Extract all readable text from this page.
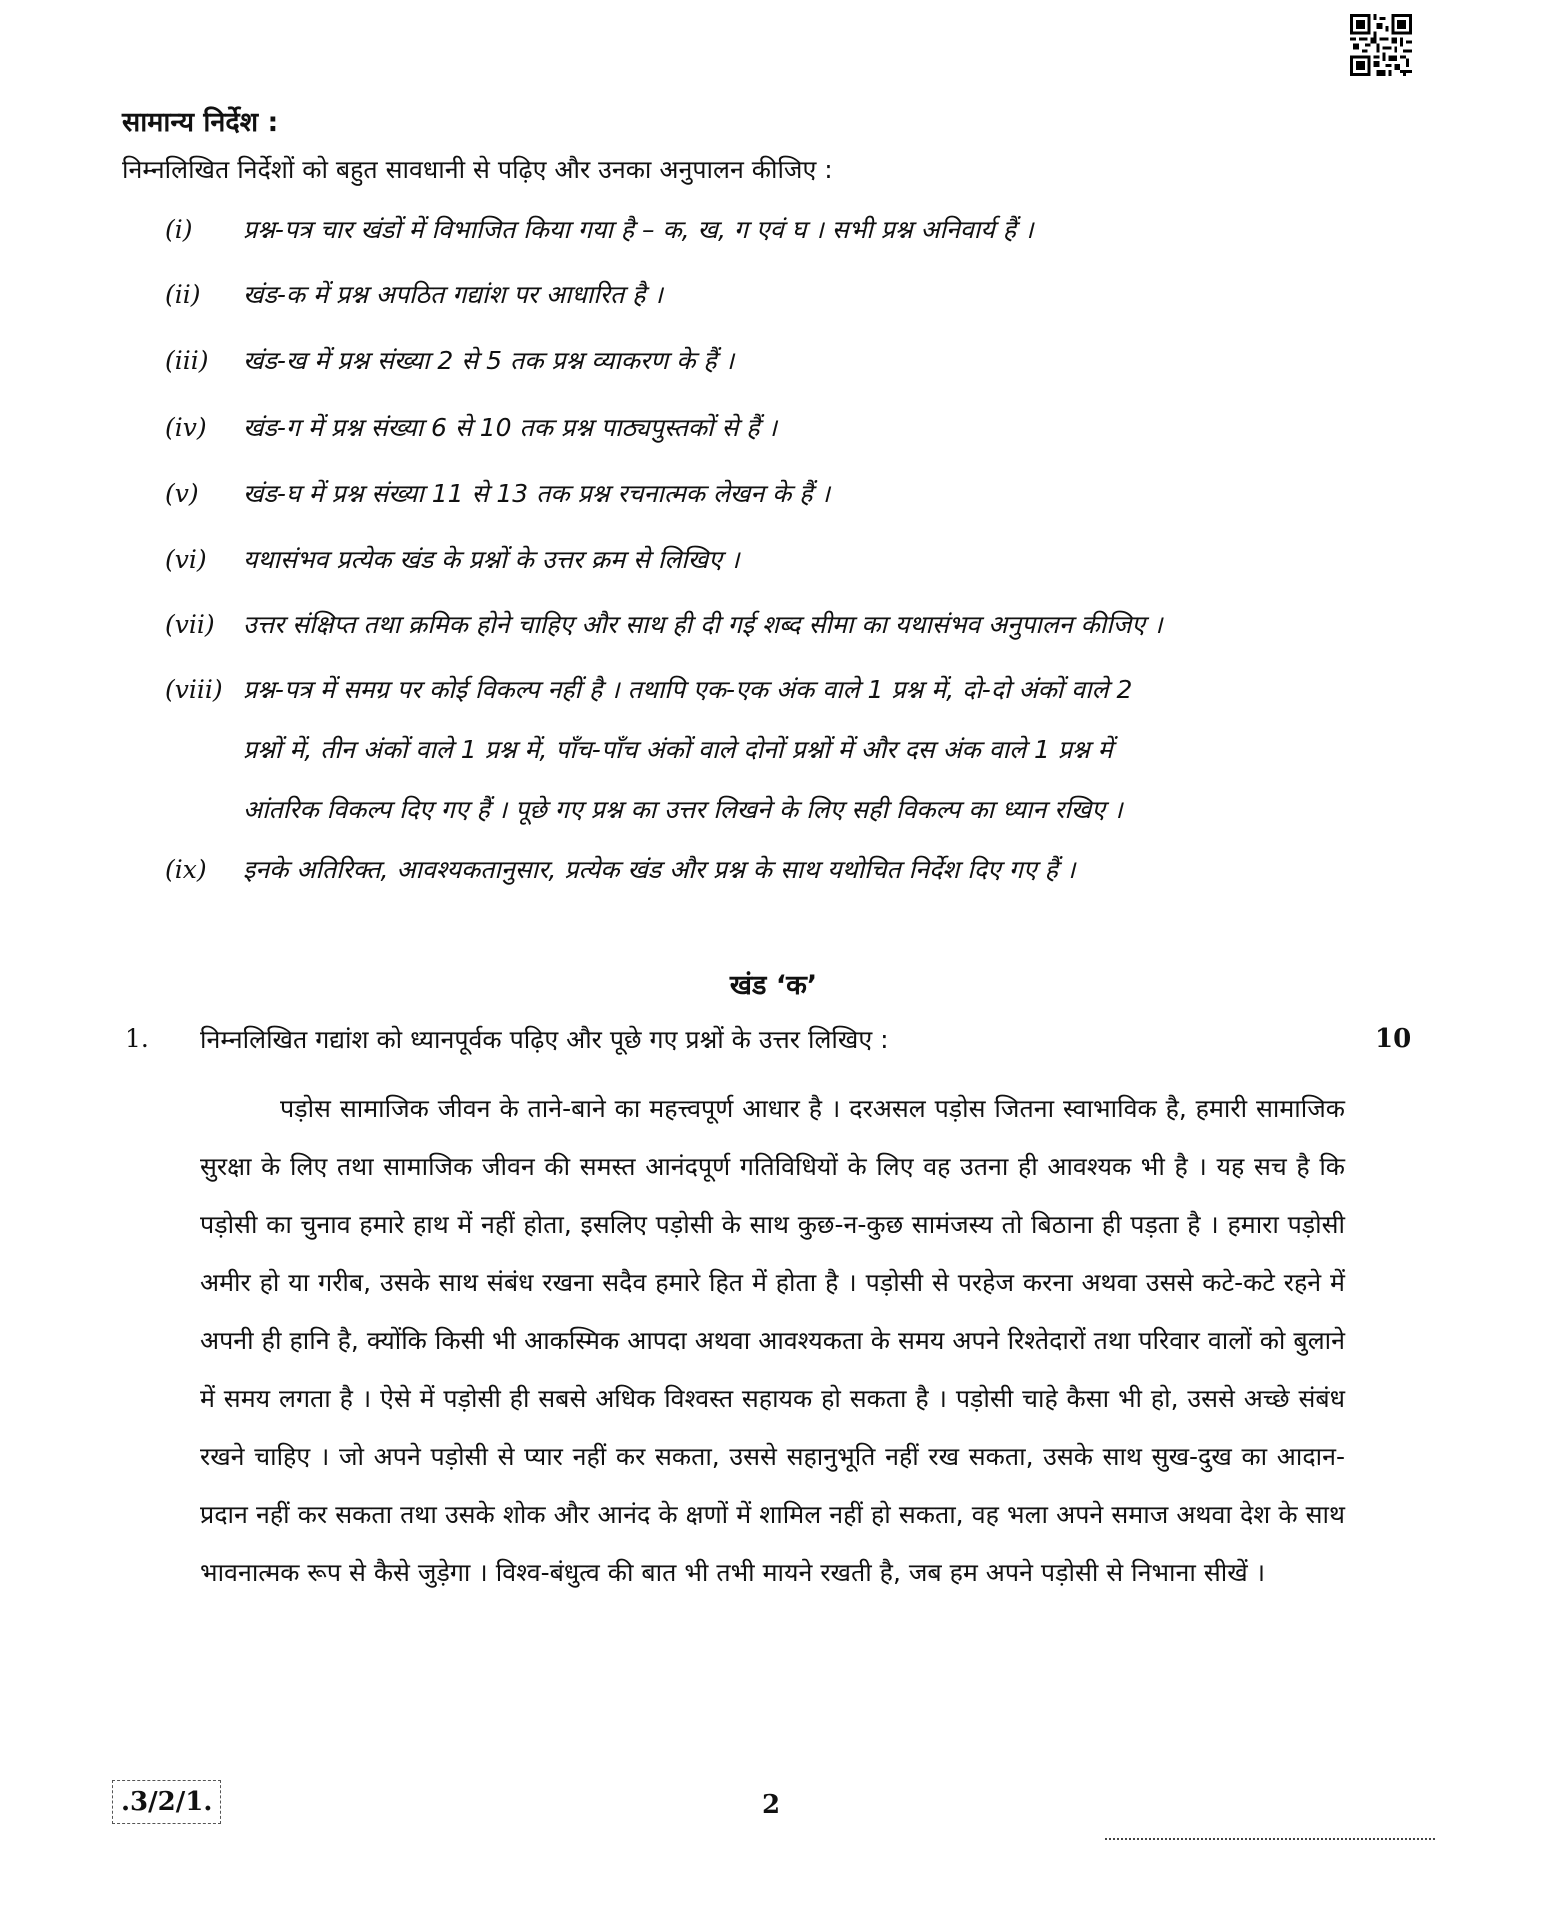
सामान्य निर्देश :
निम्नलिखित निर्देशों को बहुत सावधानी से पढ़िए और उनका अनुपालन कीजिए :
(i) प्रश्न-पत्र चार खंडों में विभाजित किया गया है – क, ख, ग एवं घ । सभी प्रश्न अनिवार्य हैं ।
(ii) खंड-क में प्रश्न अपठित गद्यांश पर आधारित है ।
(iii) खंड-ख में प्रश्न संख्या 2 से 5 तक प्रश्न व्याकरण के हैं ।
(iv) खंड-ग में प्रश्न संख्या 6 से 10 तक प्रश्न पाठ्यपुस्तकों से हैं ।
(v) खंड-घ में प्रश्न संख्या 11 से 13 तक प्रश्न रचनात्मक लेखन के हैं ।
(vi) यथासंभव प्रत्येक खंड के प्रश्नों के उत्तर क्रम से लिखिए ।
(vii) उत्तर संक्षिप्त तथा क्रमिक होने चाहिए और साथ ही दी गई शब्द सीमा का यथासंभव अनुपालन कीजिए ।
(viii) प्रश्न-पत्र में समग्र पर कोई विकल्प नहीं है । तथापि एक-एक अंक वाले 1 प्रश्न में, दो-दो अंकों वाले 2
प्रश्नों में, तीन अंकों वाले 1 प्रश्न में, पाँच-पाँच अंकों वाले दोनों प्रश्नों में और दस अंक वाले 1 प्रश्न में
आंतरिक विकल्प दिए गए हैं । पूछे गए प्रश्न का उत्तर लिखने के लिए सही विकल्प का ध्यान रखिए ।
(ix) इनके अतिरिक्त, आवश्यकतानुसार, प्रत्येक खंड और प्रश्न के साथ यथोचित निर्देश दिए गए हैं ।
खंड ‘क’
1. निम्नलिखित गद्यांश को ध्यानपूर्वक पढ़िए और पूछे गए प्रश्नों के उत्तर लिखिए :	10
पड़ोस सामाजिक जीवन के ताने-बाने का महत्त्वपूर्ण आधार है । दरअसल पड़ोस जितना स्वाभाविक है, हमारी सामाजिक सुरक्षा के लिए तथा सामाजिक जीवन की समस्त आनंदपूर्ण गतिविधियों के लिए वह उतना ही आवश्यक भी है । यह सच है कि पड़ोसी का चुनाव हमारे हाथ में नहीं होता, इसलिए पड़ोसी के साथ कुछ-न-कुछ सामंजस्य तो बिठाना ही पड़ता है । हमारा पड़ोसी अमीर हो या गरीब, उसके साथ संबंध रखना सदैव हमारे हित में होता है । पड़ोसी से परहेज करना अथवा उससे कटे-कटे रहने में अपनी ही हानि है, क्योंकि किसी भी आकस्मिक आपदा अथवा आवश्यकता के समय अपने रिश्तेदारों तथा परिवार वालों को बुलाने में समय लगता है । ऐसे में पड़ोसी ही सबसे अधिक विश्वस्त सहायक हो सकता है । पड़ोसी चाहे कैसा भी हो, उससे अच्छे संबंध रखने चाहिए । जो अपने पड़ोसी से प्यार नहीं कर सकता, उससे सहानुभूति नहीं रख सकता, उसके साथ सुख-दुख का आदान-प्रदान नहीं कर सकता तथा उसके शोक और आनंद के क्षणों में शामिल नहीं हो सकता, वह भला अपने समाज अथवा देश के साथ भावनात्मक रूप से कैसे जुड़ेगा । विश्व-बंधुत्व की बात भी तभी मायने रखती है, जब हम अपने पड़ोसी से निभाना सीखें ।
.3/2/1.	2
